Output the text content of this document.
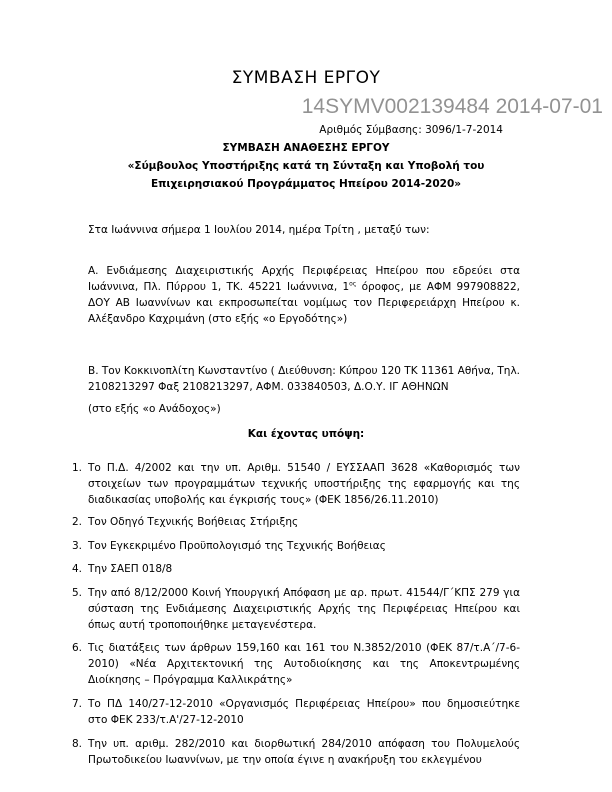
ΣΥΜΒΑΣΗ ΕΡΓΟΥ
14SYMV002139484 2014-07-01
Αριθμός Σύμβασης: 3096/1-7-2014
ΣΥΜΒΑΣΗ ΑΝΑΘΕΣΗΣ ΕΡΓΟΥ
«Σύμβουλος Υποστήριξης κατά τη Σύνταξη και Υποβολή του
Επιχειρησιακού Προγράμματος Ηπείρου 2014-2020»
Στα Ιωάννινα σήμερα 1 Ιουλίου 2014, ημέρα Τρίτη , μεταξύ των:
Α. Ενδιάμεσης Διαχειριστικής Αρχής Περιφέρειας Ηπείρου που εδρεύει στα Ιωάννινα, Πλ. Πύρρου 1, ΤΚ. 45221 Ιωάννινα, $1^{o\varsigma}$ όροφος, με ΑΦΜ 997908822, ΔΟΥ ΑΒ Ιωαννίνων και εκπροσωπείται νομίμως τον Περιφερειάρχη Ηπείρου κ. Αλέξανδρο Καχριμάνη (στο εξής «ο Εργοδότης»)
Β. Τον Κοκκινοπλίτη Κωνσταντίνο ( Διεύθυνση: Κύπρου 120 ΤΚ 11361 Αθήνα, Τηλ. 2108213297 Φαξ 2108213297, ΑΦΜ. 033840503, Δ.Ο.Υ. ΙΓ ΑΘΗΝΩΝ
(στο εξής «ο Ανάδοχος»)
Και έχοντας υπόψη:
1. Το Π.Δ. 4/2002 και την υπ. Αριθμ. 51540 / ΕΥΣΣΑΑΠ 3628 «Καθορισμός των στοιχείων των προγραμμάτων τεχνικής υποστήριξης της εφαρμογής και της διαδικασίας υποβολής και έγκρισής τους» (ΦΕΚ 1856/26.11.2010)
2. Τον Οδηγό Τεχνικής Βοήθειας Στήριξης
3. Τον Εγκεκριμένο Προϋπολογισμό της Τεχνικής Βοήθειας
4. Την ΣΑΕΠ 018/8
5. Την από 8/12/2000 Κοινή Υπουργική Απόφαση με αρ. πρωτ. 41544/Γ΄ΚΠΣ 279 για σύσταση της Ενδιάμεσης Διαχειριστικής Αρχής της Περιφέρειας Ηπείρου και όπως αυτή τροποποιήθηκε μεταγενέστερα.
6. Τις διατάξεις των άρθρων 159,160 και 161 του Ν.3852/2010 (ΦΕΚ 87/τ.Α΄/7-6-2010) «Νέα Αρχιτεκτονική της Αυτοδιοίκησης και της Αποκεντρωμένης Διοίκησης – Πρόγραμμα Καλλικράτης»
7. Το ΠΔ 140/27-12-2010 «Οργανισμός Περιφέρειας Ηπείρου» που δημοσιεύτηκε στο ΦΕΚ 233/τ.Α'/27-12-2010
8. Την υπ. αριθμ. 282/2010 και διορθωτική 284/2010 απόφαση του Πολυμελούς Πρωτοδικείου Ιωαννίνων, με την οποία έγινε η ανακήρυξη του εκλεγμένου
